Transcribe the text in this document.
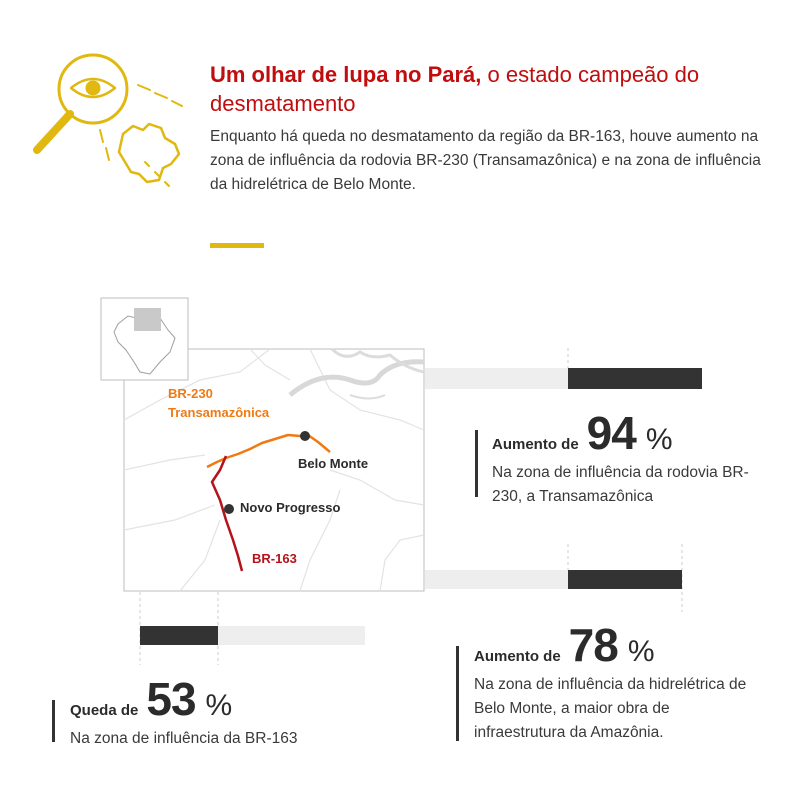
Um olhar de lupa no Pará, o estado campeão do desmatamento

Enquanto há queda no desmatamento da região da BR-163, houve aumento na zona de influência da rodovia BR-230 (Transamazônica) e na zona de influência da hidrelétrica de Belo Monte.

BR-230
Transamazônica
Belo Monte
Novo Progresso
BR-163
Aumento de 94 %

Na zona de influência da rodovia BR-230, a Transamazônica

Aumento de 78 %

Na zona de influência da hidrelétrica de Belo Monte, a maior obra de infraestrutura da Amazônia.

Queda de 53 %

Na zona de influência da BR-163
